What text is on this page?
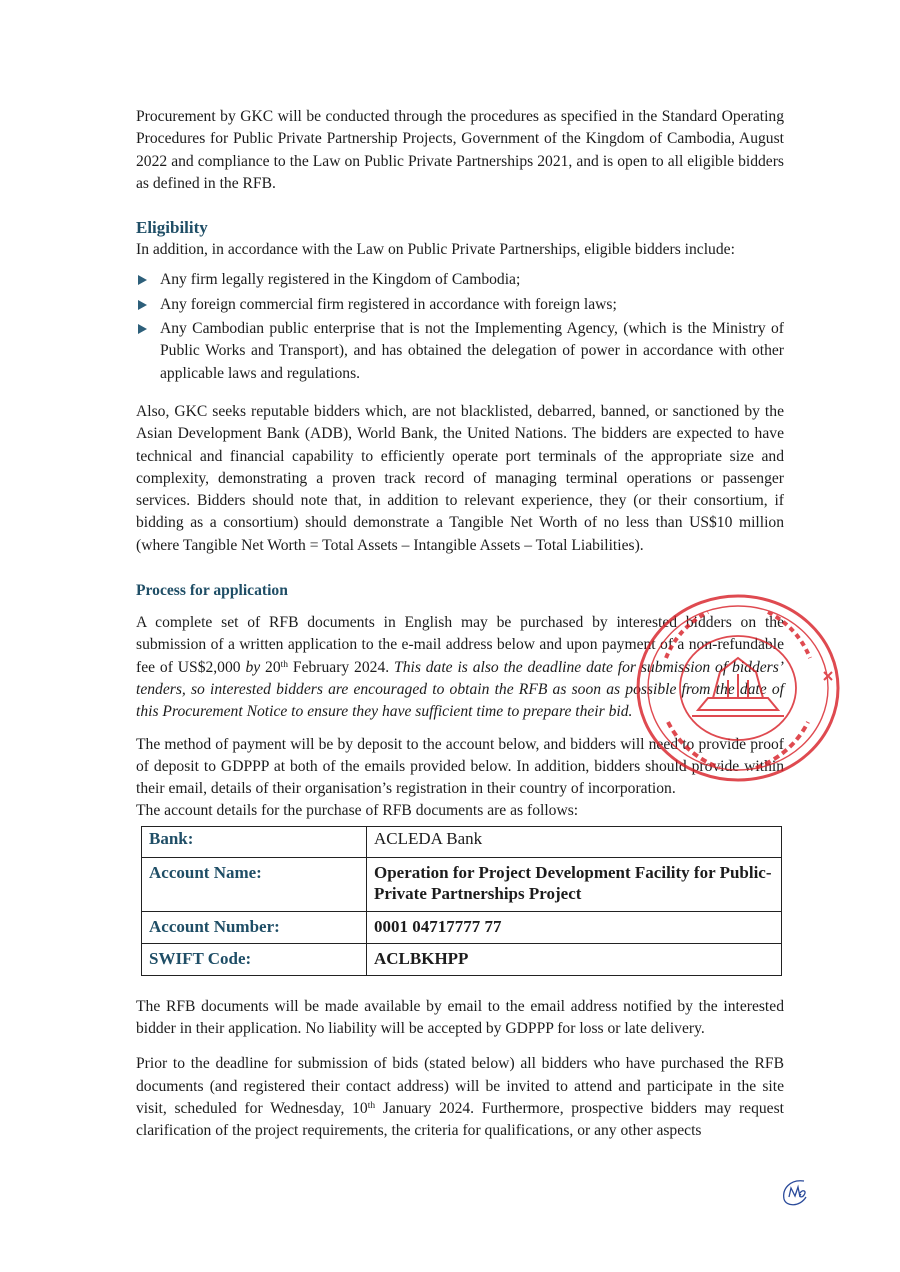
Procurement by GKC will be conducted through the procedures as specified in the Standard Operating Procedures for Public Private Partnership Projects, Government of the Kingdom of Cambodia, August 2022 and compliance to the Law on Public Private Partnerships 2021, and is open to all eligible bidders as defined in the RFB.

Eligibility

In addition, in accordance with the Law on Public Private Partnerships, eligible bidders include:

Any firm legally registered in the Kingdom of Cambodia;
Any foreign commercial firm registered in accordance with foreign laws;
Any Cambodian public enterprise that is not the Implementing Agency, (which is the Ministry of Public Works and Transport), and has obtained the delegation of power in accordance with other applicable laws and regulations.

Also, GKC seeks reputable bidders which, are not blacklisted, debarred, banned, or sanctioned by the Asian Development Bank (ADB), World Bank, the United Nations. The bidders are expected to have technical and financial capability to efficiently operate port terminals of the appropriate size and complexity, demonstrating a proven track record of managing terminal operations or passenger services. Bidders should note that, in addition to relevant experience, they (or their consortium, if bidding as a consortium) should demonstrate a Tangible Net Worth of no less than US$10 million (where Tangible Net Worth = Total Assets – Intangible Assets – Total Liabilities).

Process for application

A complete set of RFB documents in English may be purchased by interested bidders on the submission of a written application to the e-mail address below and upon payment of a non-refundable fee of US$2,000 by 20th February 2024. This date is also the deadline date for submission of bidders’ tenders, so interested bidders are encouraged to obtain the RFB as soon as possible from the date of this Procurement Notice to ensure they have sufficient time to prepare their bid.

The method of payment will be by deposit to the account below, and bidders will need to provide proof of deposit to GDPPP at both of the emails provided below. In addition, bidders should provide within their email, details of their organisation’s registration in their country of incorporation.

The account details for the purchase of RFB documents are as follows:

Bank:	ACLEDA Bank
Account Name:	Operation for Project Development Facility for Public-Private Partnerships Project
Account Number:	0001 04717777 77
SWIFT Code:	ACLBKHPP

The RFB documents will be made available by email to the email address notified by the interested bidder in their application. No liability will be accepted by GDPPP for loss or late delivery.

Prior to the deadline for submission of bids (stated below) all bidders who have purchased the RFB documents (and registered their contact address) will be invited to attend and participate in the site visit, scheduled for Wednesday, 10th January 2024. Furthermore, prospective bidders may request clarification of the project requirements, the criteria for qualifications, or any other aspects
